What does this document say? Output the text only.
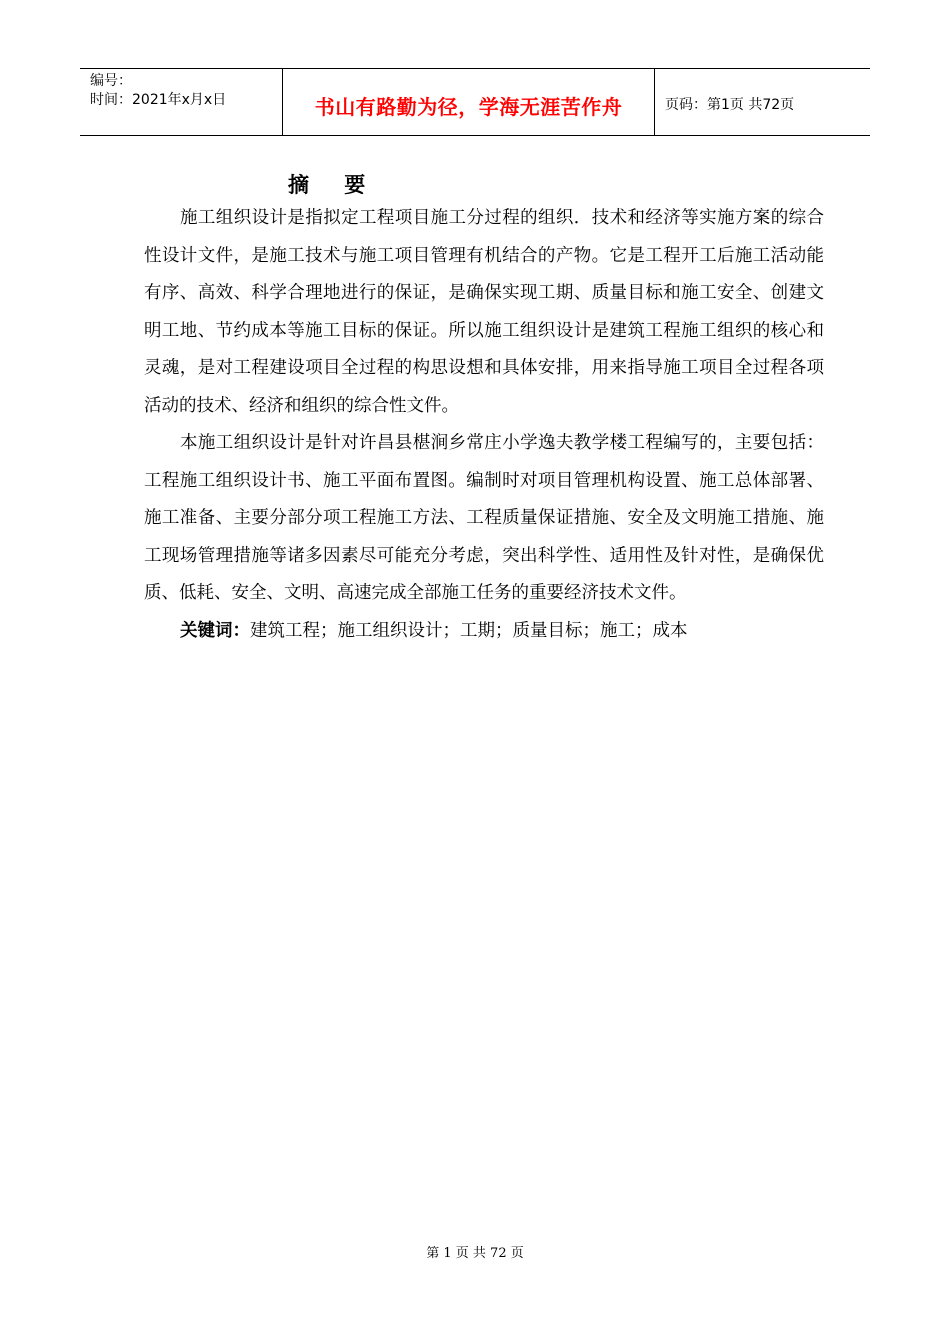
编号：
时间：2021年x月x日	书山有路勤为径，学海无涯苦作舟	页码：第1页 共72页
摘 要

施工组织设计是指拟定工程项目施工分过程的组织．技术和经济等实施方案的综合性设计文件，是施工技术与施工项目管理有机结合的产物。它是工程开工后施工活动能有序、高效、科学合理地进行的保证，是确保实现工期、质量目标和施工安全、创建文明工地、节约成本等施工目标的保证。所以施工组织设计是建筑工程施工组织的核心和灵魂，是对工程建设项目全过程的构思设想和具体安排，用来指导施工项目全过程各项活动的技术、经济和组织的综合性文件。

本施工组织设计是针对许昌县椹涧乡常庄小学逸夫教学楼工程编写的，主要包括：工程施工组织设计书、施工平面布置图。编制时对项目管理机构设置、施工总体部署、施工准备、主要分部分项工程施工方法、工程质量保证措施、安全及文明施工措施、施工现场管理措施等诸多因素尽可能充分考虑，突出科学性、适用性及针对性，是确保优质、低耗、安全、文明、高速完成全部施工任务的重要经济技术文件。

关键词：建筑工程；施工组织设计；工期；质量目标；施工；成本

第 1 页 共 72 页
